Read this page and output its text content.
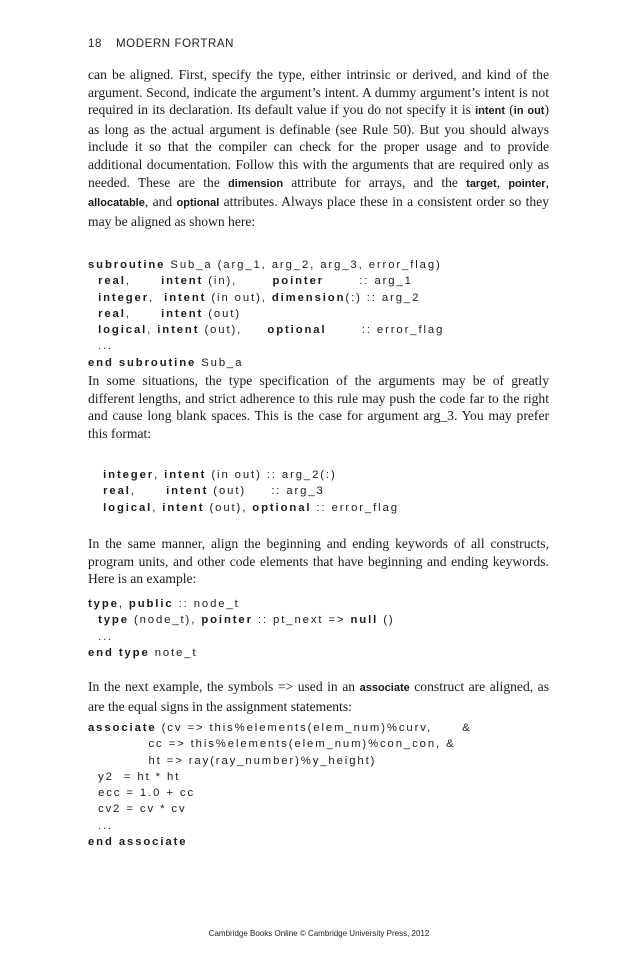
18 MODERN FORTRAN

can be aligned. First, specify the type, either intrinsic or derived, and kind of the argument. Second, indicate the argument’s intent. A dummy argument’s intent is not required in its declaration. Its default value if you do not specify it is intent (in out) as long as the actual argument is definable (see Rule 50). But you should always include it so that the compiler can check for the proper usage and to provide additional documentation. Follow this with the arguments that are required only as needed. These are the dimension attribute for arrays, and the target, pointer, allocatable, and optional attributes. Always place these in a consistent order so they may be aligned as shown here:

subroutine Sub_a (arg_1, arg_2, arg_3, error_flag)
real,      intent (in),       pointer       :: arg_1
integer,  intent (in out), dimension(:) :: arg_2
real,      intent (out)
logical, intent (out),     optional       :: error_flag
...
end subroutine Sub_a

In some situations, the type specification of the arguments may be of greatly different lengths, and strict adherence to this rule may push the code far to the right and cause long blank spaces. This is the case for argument arg_3. You may prefer this format:

integer, intent (in out) :: arg_2(:)
real,      intent (out)     :: arg_3
logical, intent (out), optional :: error_flag

In the same manner, align the beginning and ending keywords of all constructs, program units, and other code elements that have beginning and ending keywords. Here is an example:

type, public :: node_t
type (node_t), pointer :: pt_next => null ()
...
end type note_t

In the next example, the symbols => used in an associate construct are aligned, as are the equal signs in the assignment statements:

associate (cv => this%elements(elem_num)%curv,      &
cc => this%elements(elem_num)%con_con, &
ht => ray(ray_number)%y_height)
y2  = ht * ht
ecc = 1.0 + cc
cv2 = cv * cv
...
end associate
Cambridge Books Online © Cambridge University Press, 2012
